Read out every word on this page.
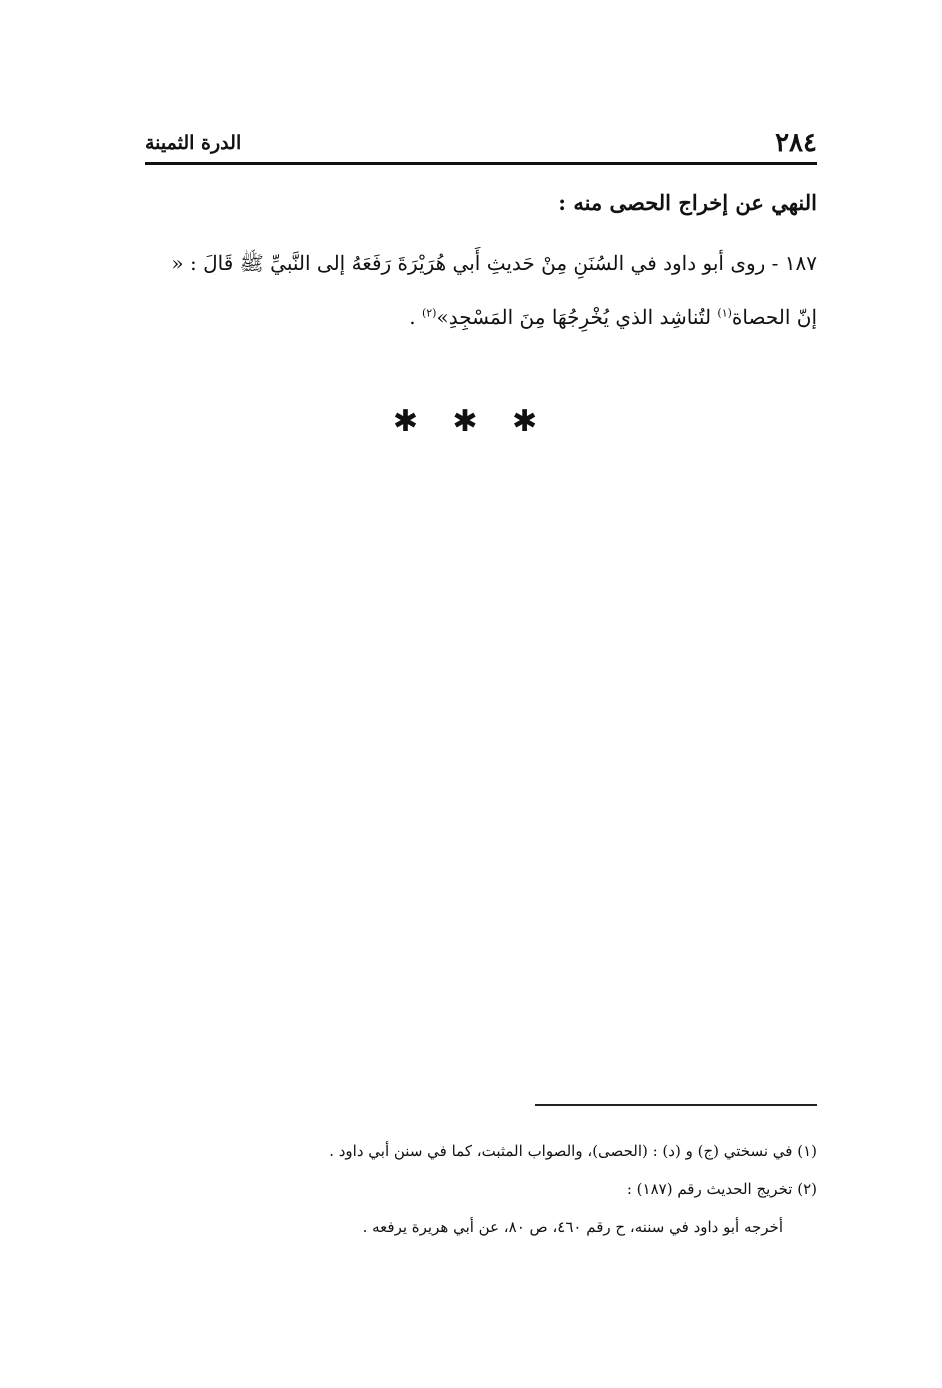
٢٨٤
الدرة الثمينة
النهي عن إخراج الحصى منه :
١٨٧ - روى أبو داود في السُنَنِ مِنْ حَديثِ أَبي هُرَيْرَةَ رَفَعَهُ إلى النَّبيِّ ﷺ قَالَ : «
إنّ الحصاة$^{(١)}$ لتُناشِد الذي يُخْرِجُهَا مِنَ المَسْجِدِ»$^{(٢)}$ .
✱ ✱ ✱
(١) في نسختي (ج) و (د) : (الحصى)، والصواب المثبت، كما في سنن أبي داود .
(٢) تخريج الحديث رقم (١٨٧) :
أخرجه أبو داود في سننه، ح رقم ٤٦٠، ص ٨٠، عن أبي هريرة يرفعه .
